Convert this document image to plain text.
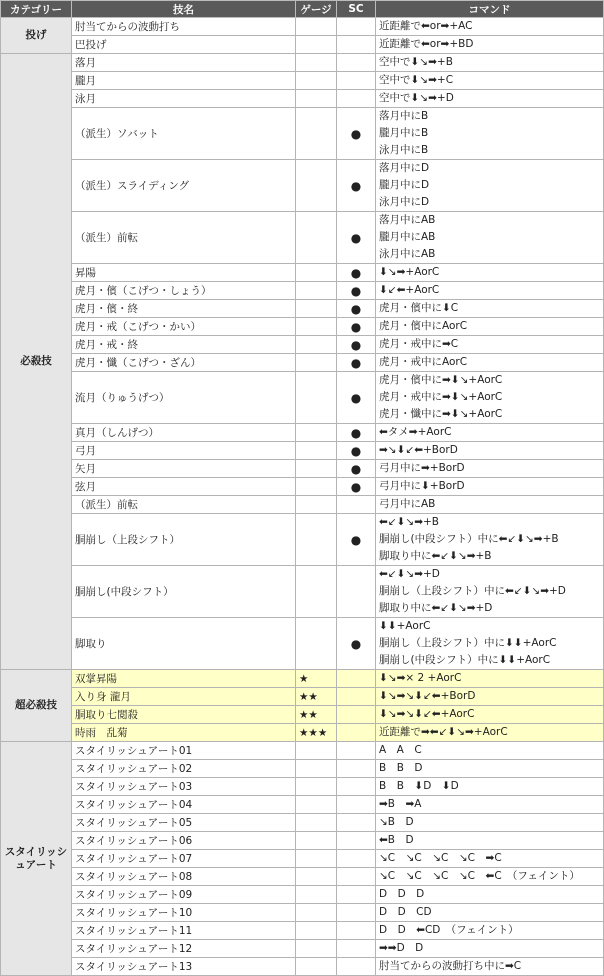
カテゴリー	技名	ゲージ	SC	コマンド
投げ	肘当てからの波動打ち			近距離で⬅or➡+AC

	巴投げ			近距離で⬅or➡+BD

必殺技	落月			空中で⬇↘➡+B

	朧月			空中で⬇↘➡+C

	泳月			空中で⬇↘➡+D

	（派生）ソバット		●	落月中にB
朧月中にB
泳月中にB

	（派生）スライディング		●	落月中にD
朧月中にD
泳月中にD

	（派生）前転		●	落月中にAB
朧月中にAB
泳月中にAB

	昇陽		●	⬇↘➡+AorC

	虎月・儐（こげつ・しょう）		●	⬇↙⬅+AorC

	虎月・儐・終		●	虎月・儐中に⬇C

	虎月・戒（こげつ・かい）		●	虎月・儐中にAorC

	虎月・戒・終		●	虎月・戒中に➡C

	虎月・懺（こげつ・ざん）		●	虎月・戒中にAorC

	流月（りゅうげつ）		●	虎月・儐中に➡⬇↘+AorC
虎月・戒中に➡⬇↘+AorC
虎月・懺中に➡⬇↘+AorC

	真月（しんげつ）		●	⬅タメ➡+AorC

	弓月		●	➡↘⬇↙⬅+BorD

	矢月		●	弓月中に➡+BorD

	弦月		●	弓月中に⬇+BorD

	（派生）前転			弓月中にAB

	胴崩し（上段シフト）		●	⬅↙⬇↘➡+B
胴崩し(中段シフト）中に⬅↙⬇↘➡+B
脚取り中に⬅↙⬇↘➡+B

	胴崩し(中段シフト）			⬅↙⬇↘➡+D
胴崩し（上段シフト）中に⬅↙⬇↘➡+D
脚取り中に⬅↙⬇↘➡+D

	脚取り		●	⬇⬇+AorC
胴崩し（上段シフト）中に⬇⬇+AorC
胴崩し(中段シフト）中に⬇⬇+AorC

超必殺技	双掌昇陽	★		⬇↘➡× 2 +AorC

	入り身 瀧月	★★		⬇↘➡↘⬇↙⬅+BorD

	胴取り七閲殺	★★		⬇↘➡↘⬇↙⬅+AorC

	時雨　乱菊	★★★		近距離で➡⬅↙⬇↘➡+AorC

スタイリッシュアート	スタイリッシュアート01			A　A　C

	スタイリッシュアート02			B　B　D

	スタイリッシュアート03			B　B　⬇D　⬇D

	スタイリッシュアート04			➡B　➡A

	スタイリッシュアート05			↘B　D

	スタイリッシュアート06			⬅B　D

	スタイリッシュアート07			↘C　↘C　↘C　↘C　➡C

	スタイリッシュアート08			↘C　↘C　↘C　↘C　⬅C　（フェイント）

	スタイリッシュアート09			D　D　D

	スタイリッシュアート10			D　D　CD

	スタイリッシュアート11			D　D　⬅CD　（フェイント）

	スタイリッシュアート12			➡➡D　D

	スタイリッシュアート13			肘当てからの波動打ち中に➡C
